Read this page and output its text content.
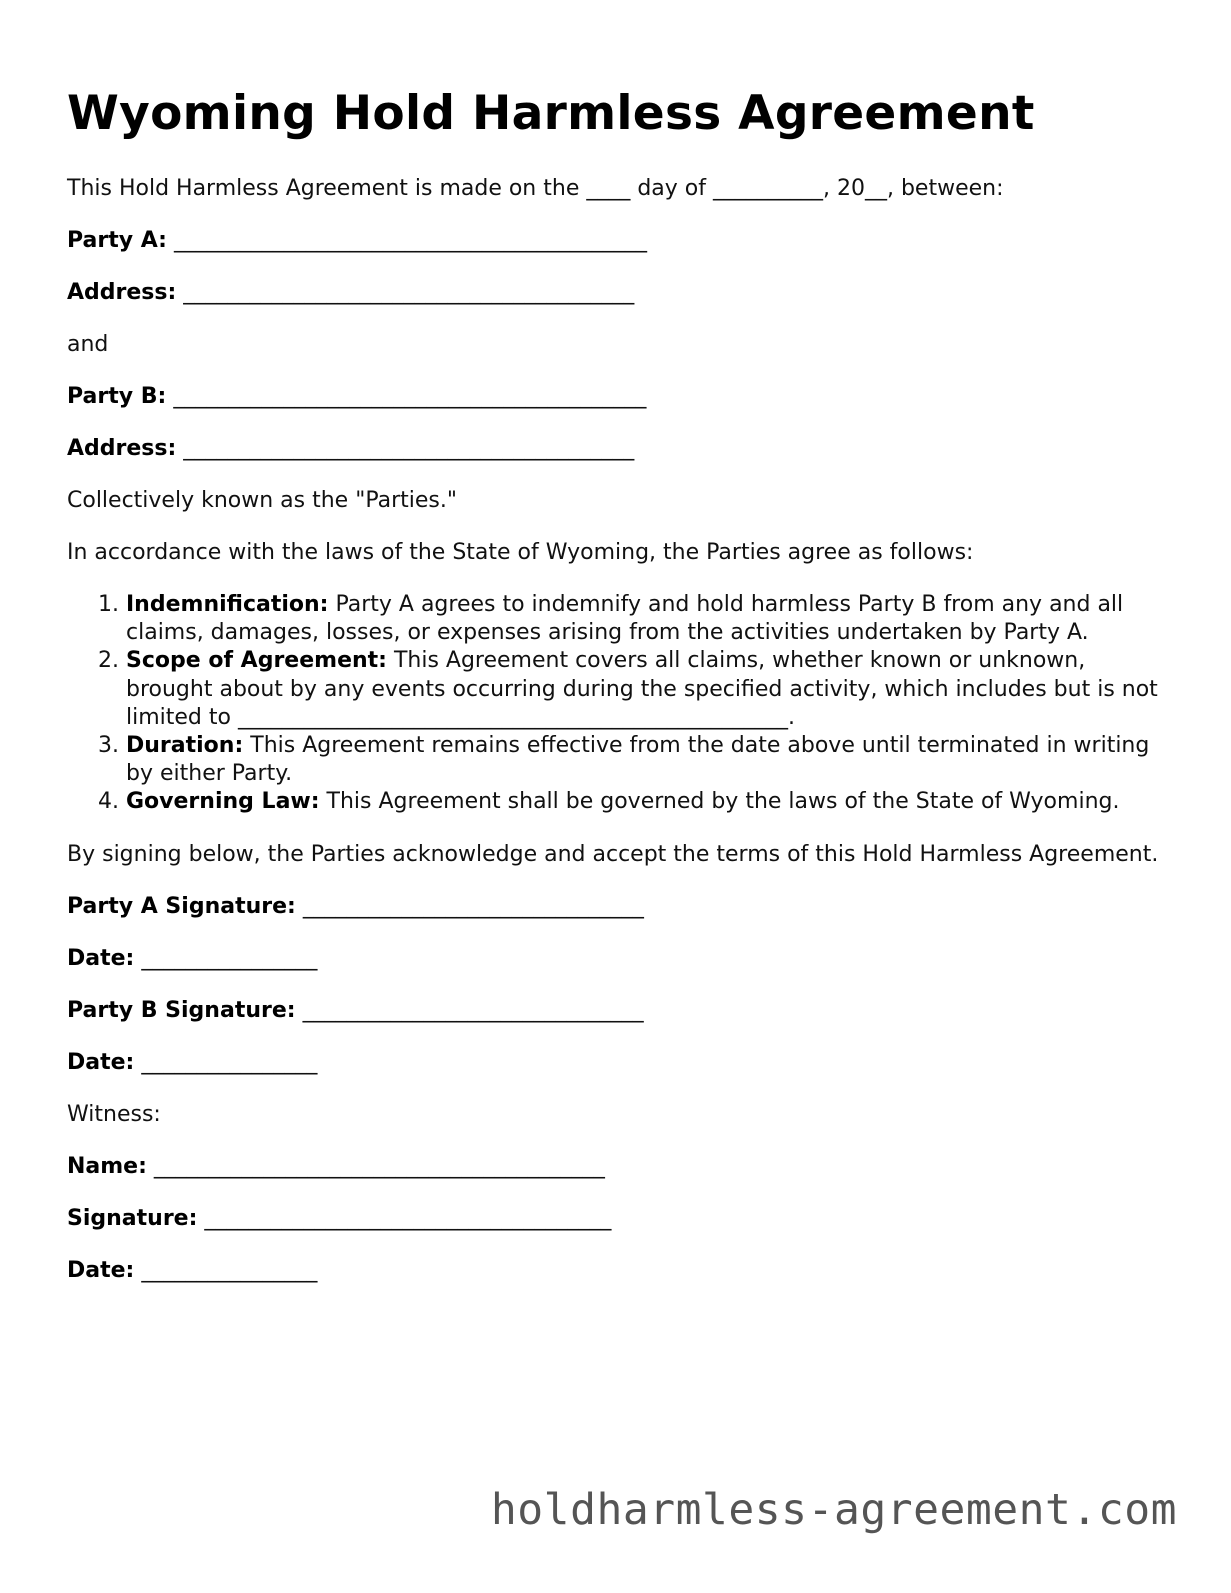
Wyoming Hold Harmless Agreement

This Hold Harmless Agreement is made on the ____ day of __________, 20__, between:

Party A: ___________________________________________

Address: _________________________________________

and

Party B: ___________________________________________

Address: _________________________________________

Collectively known as the "Parties."

In accordance with the laws of the State of Wyoming, the Parties agree as follows:

1. Indemnification: Party A agrees to indemnify and hold harmless Party B from any and all claims, damages, losses, or expenses arising from the activities undertaken by Party A.
2. Scope of Agreement: This Agreement covers all claims, whether known or unknown, brought about by any events occurring during the specified activity, which includes but is not limited to __________________________________________________.
3. Duration: This Agreement remains effective from the date above until terminated in writing by either Party.
4. Governing Law: This Agreement shall be governed by the laws of the State of Wyoming.

By signing below, the Parties acknowledge and accept the terms of this Hold Harmless Agreement.

Party A Signature: _______________________________

Date: ________________

Party B Signature: _______________________________

Date: ________________

Witness:

Name: _________________________________________

Signature: _____________________________________

Date: ________________

holdharmless-agreement.com
